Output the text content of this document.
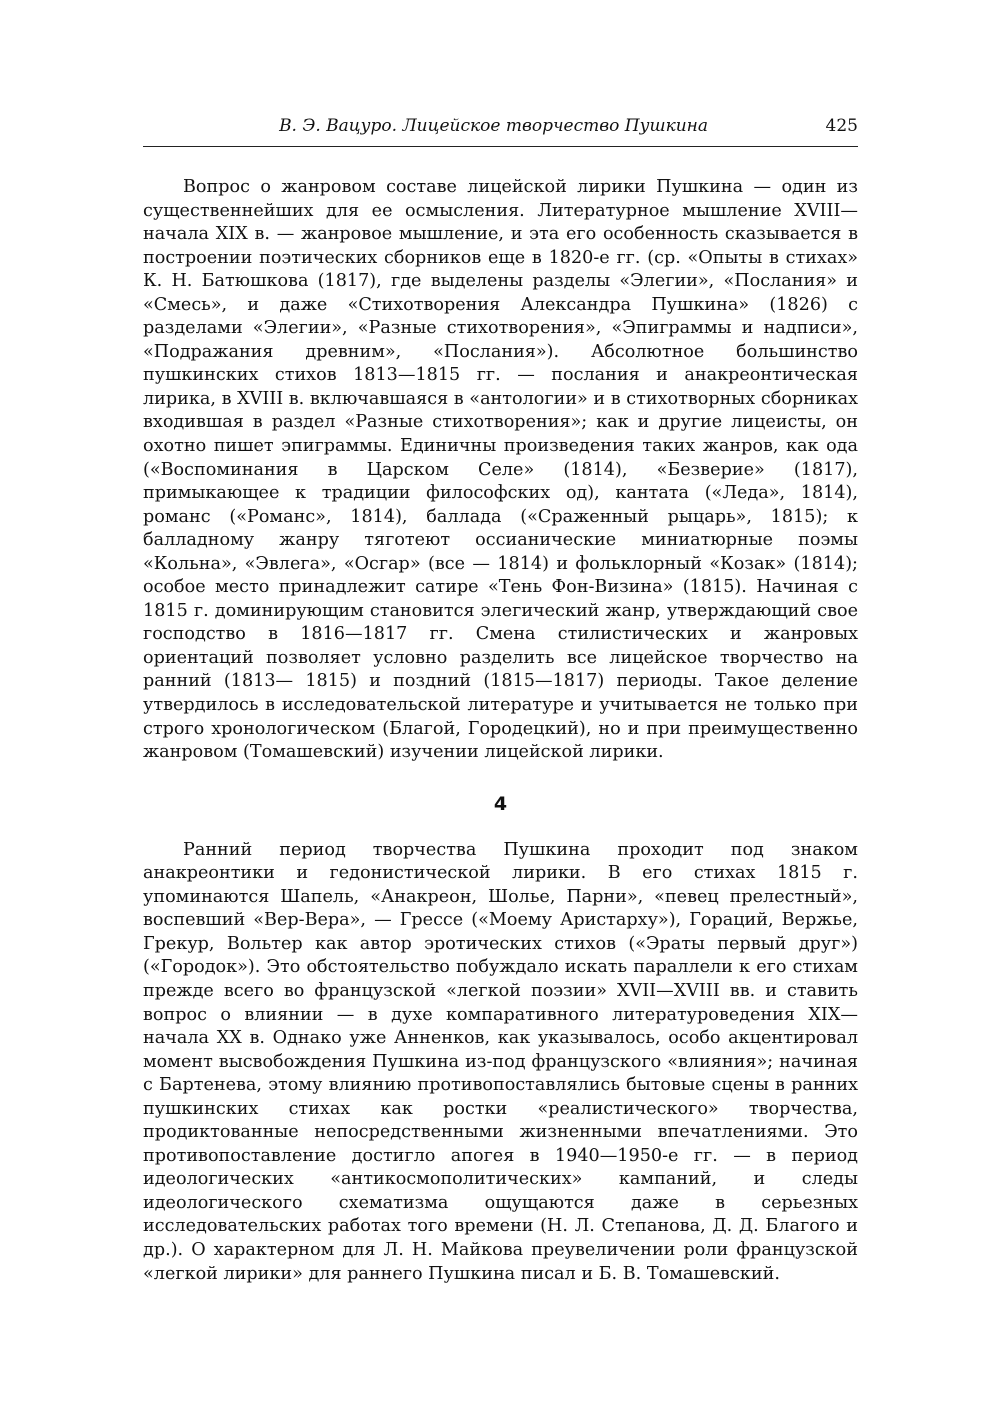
В. Э. Вацуро. Лицейское творчество Пушкина	425

Вопрос о жанровом составе лицейской лирики Пушкина — один из существеннейших для ее осмысления. Литературное мышление XVIII— начала XIX в. — жанровое мышление, и эта его особенность сказывается в построении поэтических сборников еще в 1820-е гг. (ср. «Опыты в стихах» К. Н. Батюшкова (1817), где выделены разделы «Элегии», «Послания» и «Смесь», и даже «Стихотворения Александра Пушкина» (1826) с разделами «Элегии», «Разные стихотворения», «Эпиграммы и надписи», «Подражания древним», «Послания»). Абсолютное большинство пушкинских стихов 1813—1815 гг. — послания и анакреонтическая лирика, в XVIII в. включавшаяся в «антологии» и в стихотворных сборниках входившая в раздел «Разные стихотворения»; как и другие лицеисты, он охотно пишет эпиграммы. Единичны произведения таких жанров, как ода («Воспоминания в Царском Селе» (1814), «Безверие» (1817), примыкающее к традиции философских од), кантата («Леда», 1814), романс («Романс», 1814), баллада («Сраженный рыцарь», 1815); к балладному жанру тяготеют оссианические миниатюрные поэмы «Кольна», «Эвлега», «Осгар» (все — 1814) и фольклорный «Козак» (1814); особое место принадлежит сатире «Тень Фон-Визина» (1815). Начиная с 1815 г. доминирующим становится элегический жанр, утверждающий свое господство в 1816—1817 гг. Смена стилистических и жанровых ориентаций позволяет условно разделить все лицейское творчество на ранний (1813— 1815) и поздний (1815—1817) периоды. Такое деление утвердилось в исследовательской литературе и учитывается не только при строго хронологическом (Благой, Городецкий), но и при преимущественно жанровом (Томашевский) изучении лицейской лирики.

4

Ранний период творчества Пушкина проходит под знаком анакреонтики и гедонистической лирики. В его стихах 1815 г. упоминаются Шапель, «Анакреон, Шолье, Парни», «певец прелестный», воспевший «Вер-Вера», — Грессе («Моему Аристарху»), Гораций, Вержье, Грекур, Вольтер как автор эротических стихов («Эраты первый друг») («Городок»). Это обстоятельство побуждало искать параллели к его стихам прежде всего во французской «легкой поэзии» XVII—XVIII вв. и ставить вопрос о влиянии — в духе компаративного литературоведения XIX—начала XX в. Однако уже Анненков, как указывалось, особо акцентировал момент высвобождения Пушкина из-под французского «влияния»; начиная с Бартенева, этому влиянию противопоставлялись бытовые сцены в ранних пушкинских стихах как ростки «реалистического» творчества, продиктованные непосредственными жизненными впечатлениями. Это противопоставление достигло апогея в 1940—1950-е гг. — в период идеологических «антикосмополитических» кампаний, и следы идеологического схематизма ощущаются даже в серьезных исследовательских работах того времени (Н. Л. Степанова, Д. Д. Благого и др.). О характерном для Л. Н. Майкова преувеличении роли французской «легкой лирики» для раннего Пушкина писал и Б. В. Томашевский.
